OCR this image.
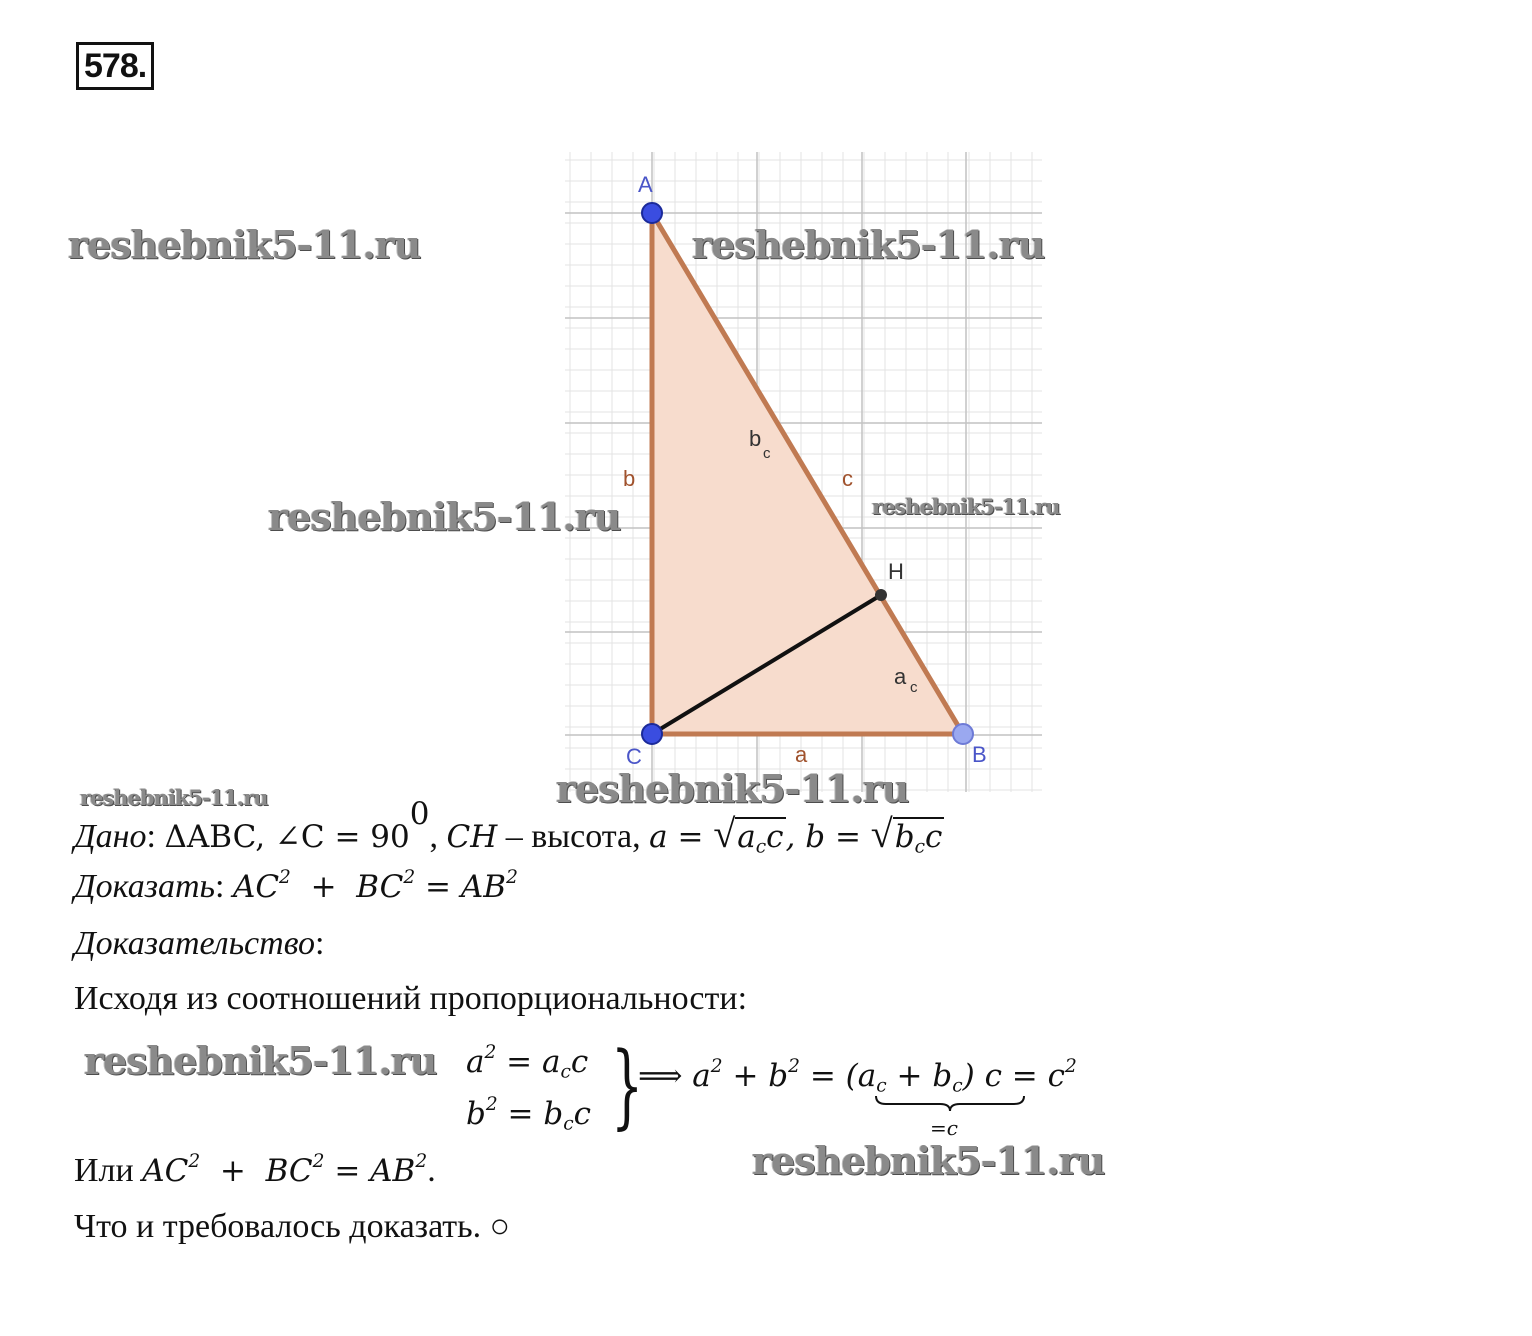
578.
A
C	B
H
b	c
a
b
c
a c
reshebnik5-11.ru	reshebnik5-11.ru
reshebnik5-11.ru	reshebnik5-11.ru
reshebnik5-11.ru	reshebnik5-11.ru
reshebnik5-11.ru
reshebnik5-11.ru
Дано: ΔABC, ∠C = $90^0$, CH – высота, $a = √a_cc$, $b = √b_cc$
Доказать: $AC^2 + BC^2 = AB^2$
Доказательство:
Исходя из соотношений пропорциональности:
$a^2 = a_cc$
$b^2 = b_cc$ }
⟹ $a^2 + b^2 = (a_c + b_c) c = c^2$
=c
Или $AC^2 + BC^2 = AB^2$.
Что и требовалось доказать. ○
